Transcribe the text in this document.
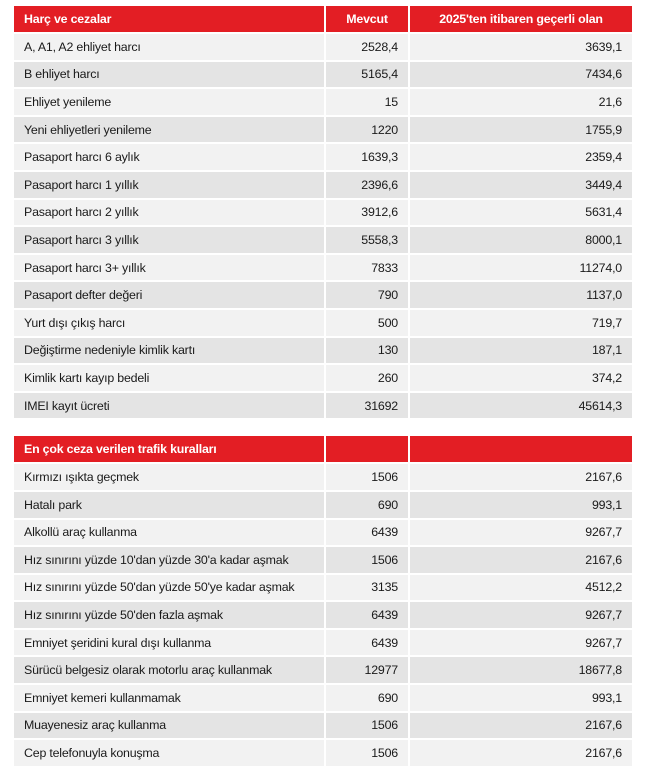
Harç ve cezalar	Mevcut	2025'ten itibaren geçerli olan
A, A1, A2 ehliyet harcı	2528,4	3639,1
B ehliyet harcı	5165,4	7434,6
Ehliyet yenileme	15	21,6
Yeni ehliyetleri yenileme	1220	1755,9
Pasaport harcı 6 aylık	1639,3	2359,4
Pasaport harcı 1 yıllık	2396,6	3449,4
Pasaport harcı 2 yıllık	3912,6	5631,4
Pasaport harcı 3 yıllık	5558,3	8000,1
Pasaport harcı 3+ yıllık	7833	11274,0
Pasaport defter değeri	790	1137,0
Yurt dışı çıkış harcı	500	719,7
Değiştirme nedeniyle kimlik kartı	130	187,1
Kimlik kartı kayıp bedeli	260	374,2
IMEI kayıt ücreti	31692	45614,3
En çok ceza verilen trafik kuralları		
Kırmızı ışıkta geçmek	1506	2167,6
Hatalı park	690	993,1
Alkollü araç kullanma	6439	9267,7
Hız sınırını yüzde 10'dan yüzde 30'a kadar aşmak	1506	2167,6
Hız sınırını yüzde 50'dan yüzde 50'ye kadar aşmak	3135	4512,2
Hız sınırını yüzde 50'den fazla aşmak	6439	9267,7
Emniyet şeridini kural dışı kullanma	6439	9267,7
Sürücü belgesiz olarak motorlu araç kullanmak	12977	18677,8
Emniyet kemeri kullanmamak	690	993,1
Muayenesiz araç kullanma	1506	2167,6
Cep telefonuyla konuşma	1506	2167,6
